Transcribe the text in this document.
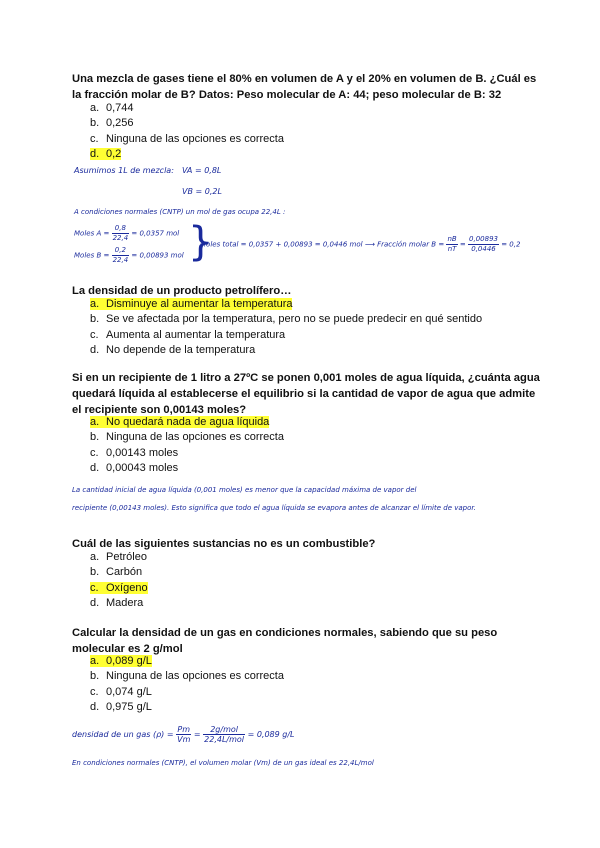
Una mezcla de gases tiene el 80% en volumen de A y el 20% en volumen de B. ¿Cuál es la fracción molar de B? Datos: Peso molecular de A: 44; peso molecular de B: 32
a. 0,744
b. 0,256
c. Ninguna de las opciones es correcta
d. 0,2
Asumimos 1L de mezcla: VA = 0,8L
VB = 0,2L
A condiciones normales (CNTP) un mol de gas ocupa 22,4L :
Moles $A = \frac{0,8}{22,4} = 0,0357$ mol
Moles $B = \frac{0,2}{22,4} = 0,00893$ mol }
Moles total = 0,0357 + 0,00893 = 0,0446 mol ⟶ Fracción molar $B = \frac{nB}{nT} = \frac{0,00893}{0,0446} = 0,2$
La densidad de un producto petrolífero…
a. Disminuye al aumentar la temperatura
b. Se ve afectada por la temperatura, pero no se puede predecir en qué sentido
c. Aumenta al aumentar la temperatura
d. No depende de la temperatura
Si en un recipiente de 1 litro a 27ºC se ponen 0,001 moles de agua líquida, ¿cuánta agua quedará líquida al establecerse el equilibrio si la cantidad de vapor de agua que admite el recipiente son 0,00143 moles?
a. No quedará nada de agua líquida
b. Ninguna de las opciones es correcta
c. 0,00143 moles
d. 0,00043 moles
La cantidad inicial de agua líquida (0,001 moles) es menor que la capacidad máxima de vapor del
recipiente (0,00143 moles). Esto significa que todo el agua líquida se evapora antes de alcanzar el límite de vapor.
Cuál de las siguientes sustancias no es un combustible?
a. Petróleo
b. Carbón
c. Oxígeno
d. Madera
Calcular la densidad de un gas en condiciones normales, sabiendo que su peso molecular es 2 g/mol
a. 0,089 g/L
b. Ninguna de las opciones es correcta
c. 0,074 g/L
d. 0,975 g/L
densidad de un gas $(\rho) = \frac{Pm}{Vm} = \frac{\text{2g/mol}}{\text{22,4L/mol}} = 0,089$ g/L
En condiciones normales (CNTP), el volumen molar (Vm) de un gas ideal es 22,4L/mol
